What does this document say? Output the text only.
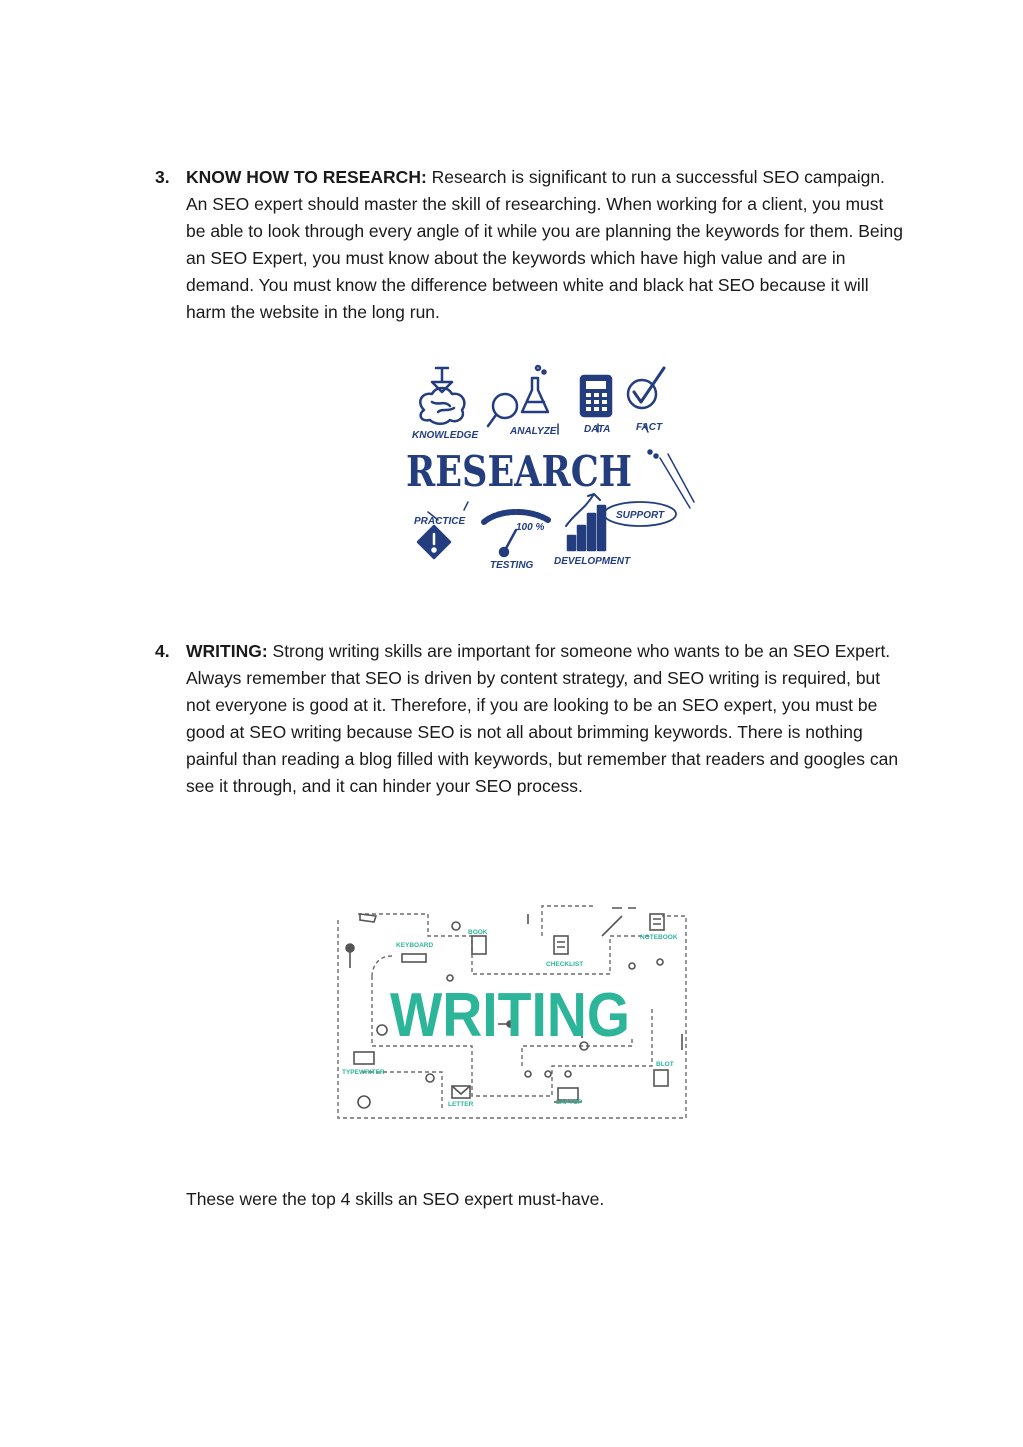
3. KNOW HOW TO RESEARCH: Research is significant to run a successful SEO campaign. An SEO expert should master the skill of researching. When working for a client, you must be able to look through every angle of it while you are planning the keywords for them. Being an SEO Expert, you must know about the keywords which have high value and are in demand. You must know the difference between white and black hat SEO because it will harm the website in the long run.
KNOWLEDGE	ANALYZE	DATA	FACT
PRACTICE
100 %
SUPPORT
TESTING DEVELOPMENT
RESEARCH
4. WRITING: Strong writing skills are important for someone who wants to be an SEO Expert. Always remember that SEO is driven by content strategy, and SEO writing is required, but not everyone is good at it. Therefore, if you are looking to be an SEO expert, you must be good at SEO writing because SEO is not all about brimming keywords. There is nothing painful than reading a blog filled with keywords, but remember that readers and googles can see it through, and it can hinder your SEO process.
WRITING
KEYBOARD
BOOK
CHECKLIST
NOTEBOOK
TYPEWRITER
LETTER	LAPTOP
BLOT
These were the top 4 skills an SEO expert must-have.
